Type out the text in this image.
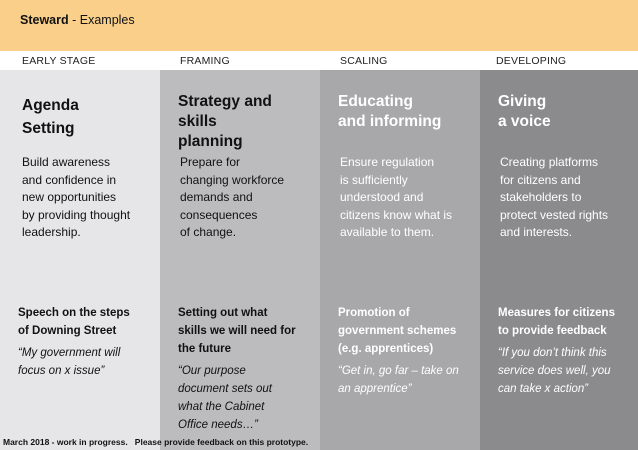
Steward - Examples
EARLY STAGE	FRAMING	SCALING	DEVELOPING
Agenda
Setting
Build awareness
and confidence in
new opportunities
by providing thought
leadership.
Speech on the steps
of Downing Street
“My government will
focus on x issue”
Strategy and
skills
planning
Prepare for
changing workforce
demands and
consequences
of change.
Setting out what
skills we will need for
the future
“Our purpose
document sets out
what the Cabinet
Office needs…”
Educating
and informing
Ensure regulation
is sufficiently
understood and
citizens know what is
available to them.
Promotion of
government schemes
(e.g. apprentices)
“Get in, go far – take on
an apprentice”
Giving
a voice
Creating platforms
for citizens and
stakeholders to
protect vested rights
and interests.
Measures for citizens
to provide feedback
“If you don’t think this
service does well, you
can take x action”
March 2018 - work in progress.   Please provide feedback on this prototype.
